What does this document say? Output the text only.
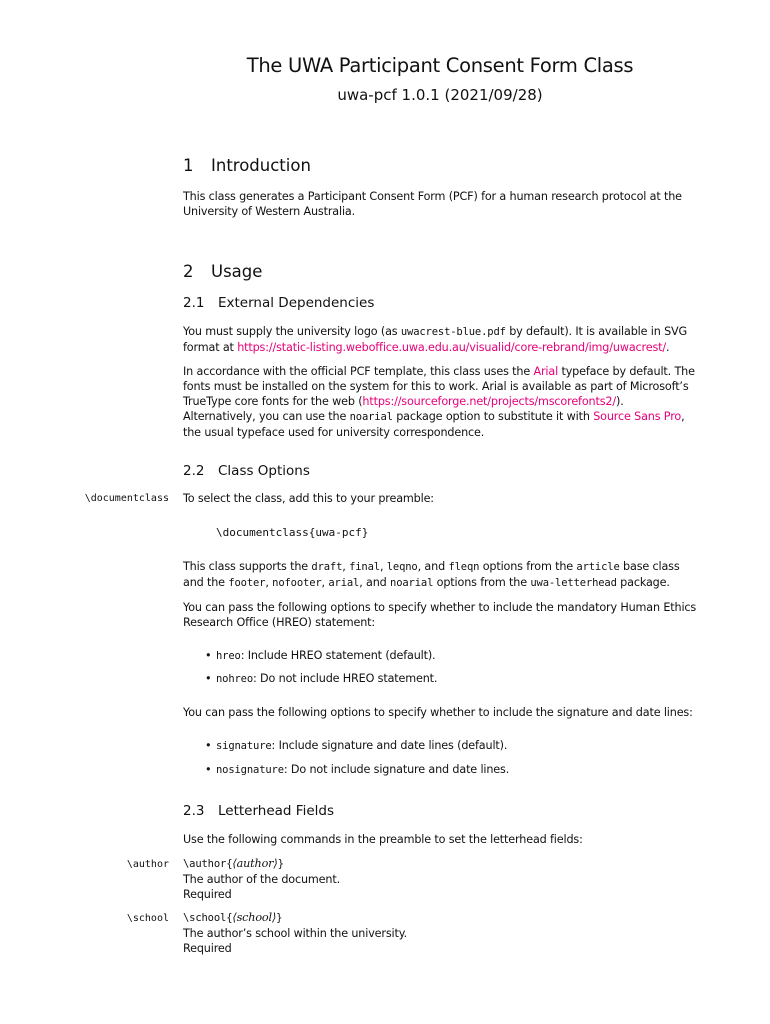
The UWA Participant Consent Form Class
uwa-pcf 1.0.1 (2021/09/28)
1 Introduction
This class generates a Participant Consent Form (PCF) for a human research protocol at the University of Western Australia.
2 Usage
2.1 External Dependencies
You must supply the university logo (as uwacrest-blue.pdf by default). It is available in SVG format at https://static-listing.weboffice.uwa.edu.au/visualid/core-rebrand/img/uwacrest/.
In accordance with the official PCF template, this class uses the Arial typeface by default. The fonts must be installed on the system for this to work. Arial is available as part of Microsoft’s TrueType core fonts for the web (https://sourceforge.net/projects/mscorefonts2/). Alternatively, you can use the noarial package option to substitute it with Source Sans Pro, the usual typeface used for university correspondence.
2.2 Class Options
\documentclass To select the class, add this to your preamble:
\documentclass{uwa-pcf}
This class supports the draft, final, leqno, and fleqn options from the article base class and the footer, nofooter, arial, and noarial options from the uwa-letterhead package.
You can pass the following options to specify whether to include the mandatory Human Ethics Research Office (HREO) statement:
• hreo: Include HREO statement (default).
• nohreo: Do not include HREO statement.
You can pass the following options to specify whether to include the signature and date lines:
• signature: Include signature and date lines (default).
• nosignature: Do not include signature and date lines.
2.3 Letterhead Fields
Use the following commands in the preamble to set the letterhead fields:
\author \author{⟨author⟩}
The author of the document.
Required
\school \school{⟨school⟩}
The author’s school within the university.
Required
